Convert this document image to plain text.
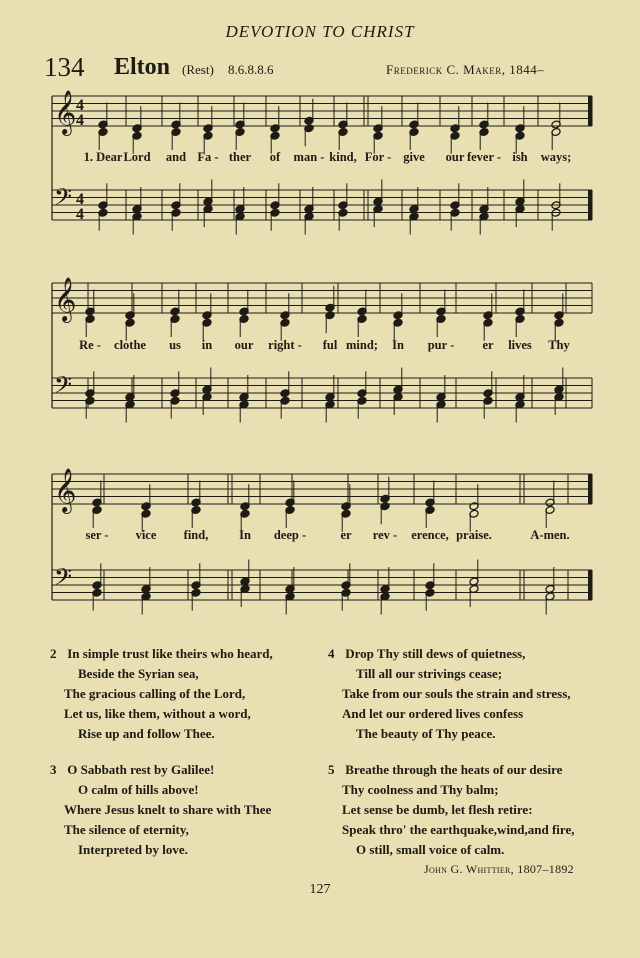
DEVOTION TO CHRIST
134 Elton (Rest) 8.6.8.8.6	Frederick C. Maker, 1844–
𝄞
𝄢
4
4
4
4
𝄞
𝄢
𝄞
𝄢
1. Dear Lord	and Fa - ther	of	man - kind, For - give	our fever - ish	ways;
Re -	clothe	us	in	our	right -	ful mind;	In	pur -	er	lives	Thy
ser -	vice	find,	In	deep -	er	rev -	erence, praise.	A-men.
2 In simple trust like theirs who heard,
Beside the Syrian sea,
The gracious calling of the Lord,
Let us, like them, without a word,
Rise up and follow Thee.
3 O Sabbath rest by Galilee!
O calm of hills above!
Where Jesus knelt to share with Thee
The silence of eternity,
Interpreted by love.
4 Drop Thy still dews of quietness,
Till all our strivings cease;
Take from our souls the strain and stress,
And let our ordered lives confess
The beauty of Thy peace.
5 Breathe through the heats of our desire
Thy coolness and Thy balm;
Let sense be dumb, let flesh retire:
Speak thro' the earthquake,wind,and fire,
O still, small voice of calm.
John G. Whittier, 1807–1892
127
